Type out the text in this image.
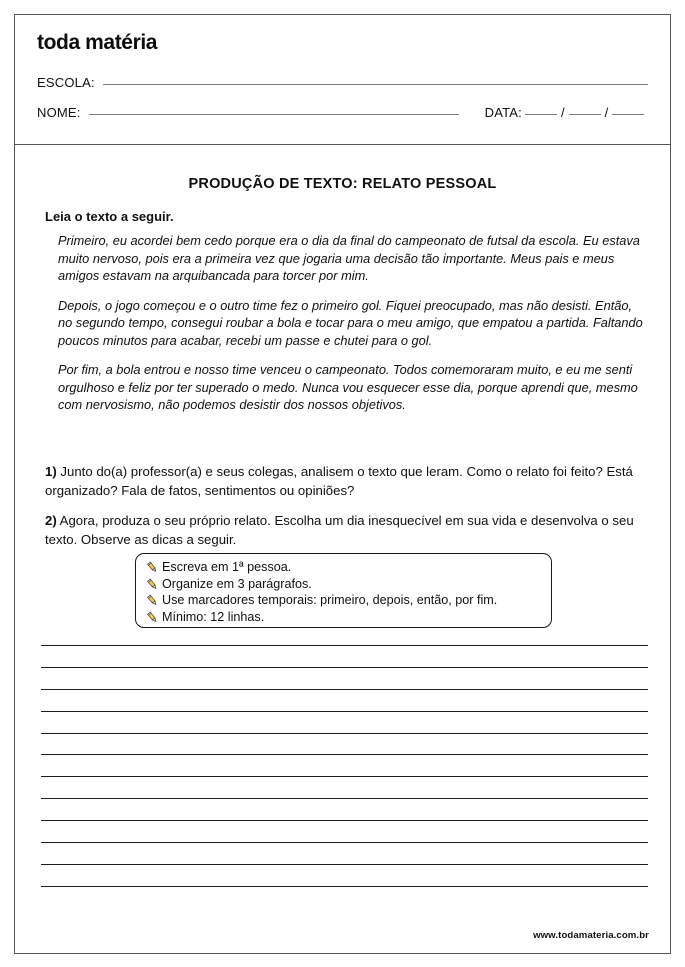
toda matéria
ESCOLA:
NOME:	DATA:	/	/
PRODUÇÃO DE TEXTO: RELATO PESSOAL
Leia o texto a seguir.

Primeiro, eu acordei bem cedo porque era o dia da final do campeonato de futsal da escola. Eu estava muito nervoso, pois era a primeira vez que jogaria uma decisão tão importante. Meus pais e meus amigos estavam na arquibancada para torcer por mim.

Depois, o jogo começou e o outro time fez o primeiro gol. Fiquei preocupado, mas não desisti. Então, no segundo tempo, consegui roubar a bola e tocar para o meu amigo, que empatou a partida. Faltando poucos minutos para acabar, recebi um passe e chutei para o gol.

Por fim, a bola entrou e nosso time venceu o campeonato. Todos comemoraram muito, e eu me senti orgulhoso e feliz por ter superado o medo. Nunca vou esquecer esse dia, porque aprendi que, mesmo com nervosismo, não podemos desistir dos nossos objetivos.

1) Junto do(a) professor(a) e seus colegas, analisem o texto que leram. Como o relato foi feito? Está organizado? Fala de fatos, sentimentos ou opiniões?
2) Agora, produza o seu próprio relato. Escolha um dia inesquecível em sua vida e desenvolva o seu texto. Observe as dicas a seguir.
Escreva em 1ª pessoa.
Organize em 3 parágrafos.
Use marcadores temporais: primeiro, depois, então, por fim.
Mínimo: 12 linhas.
www.todamateria.com.br
